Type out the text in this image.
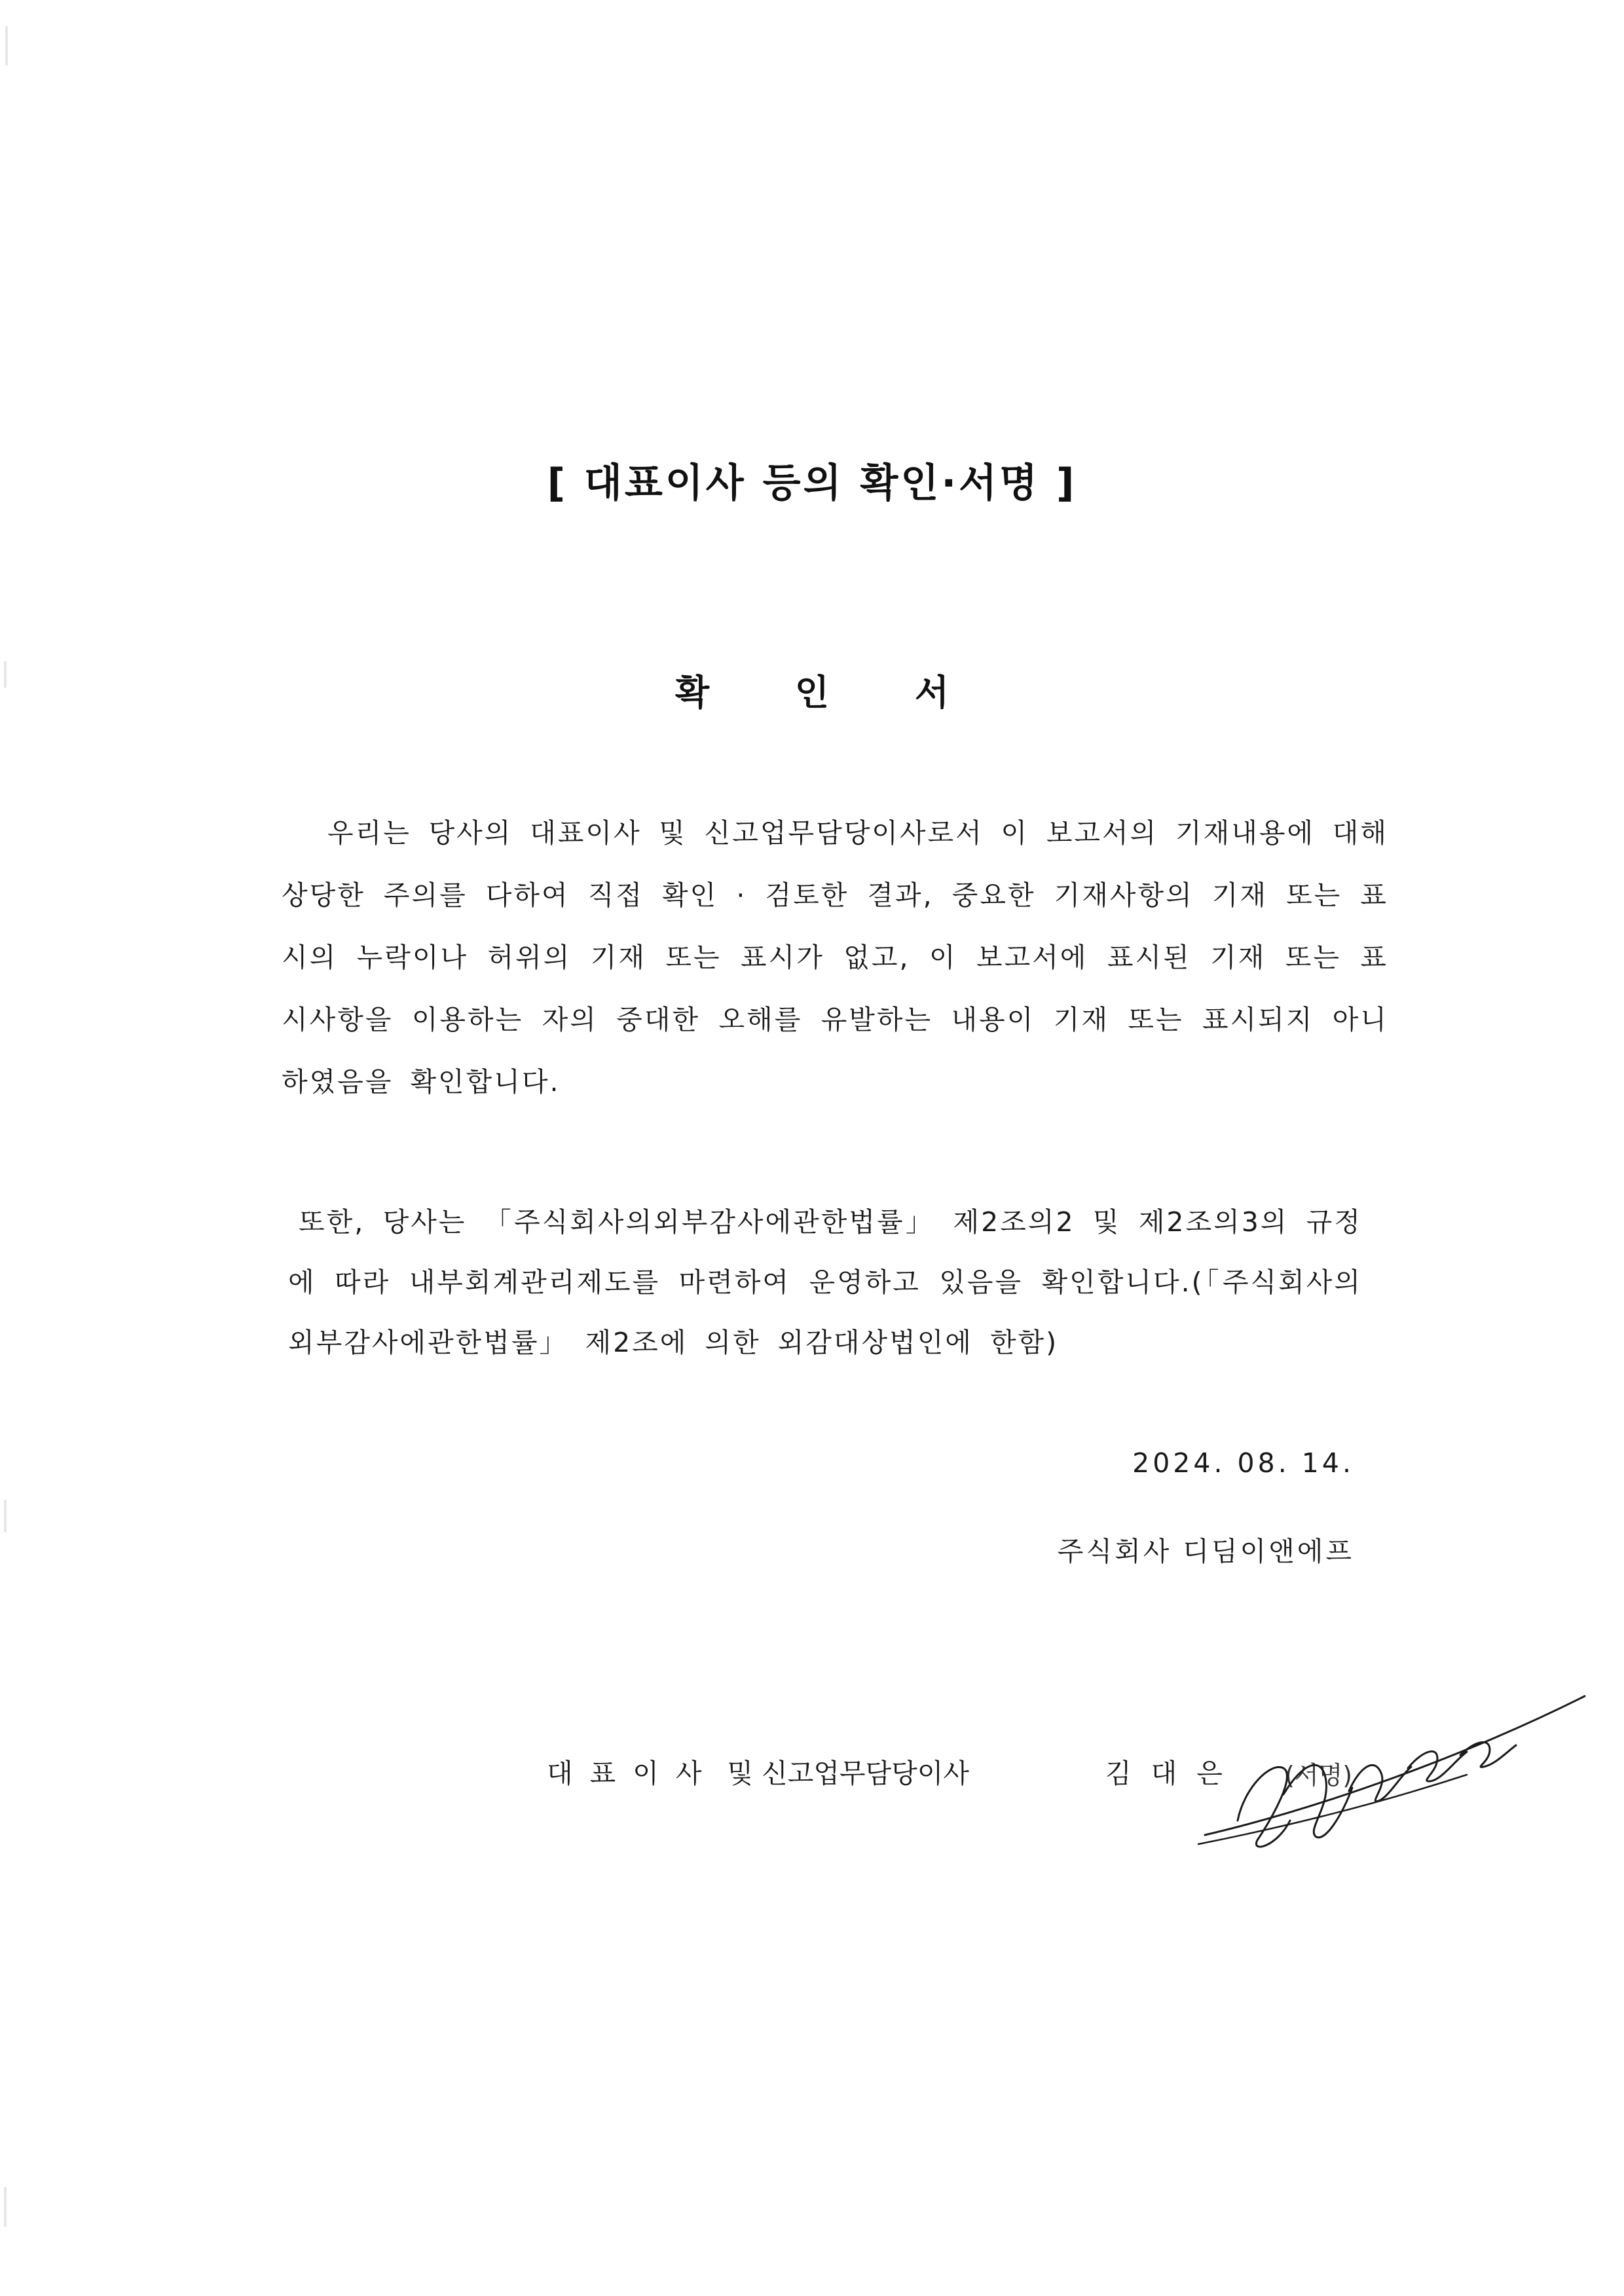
[ 대표이사 등의 확인·서명 ]
확 인 서

우리는 당사의 대표이사 및 신고업무담당이사로서 이 보고서의 기재내용에 대해 상당한 주의를 다하여 직접 확인 · 검토한 결과, 중요한 기재사항의 기재 또는 표시의 누락이나 허위의 기재 또는 표시가 없고, 이 보고서에 표시된 기재 또는 표시사항을 이용하는 자의 중대한 오해를 유발하는 내용이 기재 또는 표시되지 아니하였음을 확인합니다.

또한, 당사는 「주식회사의외부감사에관한법률」 제2조의2 및 제2조의3의 규정에 따라 내부회계관리제도를 마련하여 운영하고 있음을 확인합니다.(「주식회사의외부감사에관한법률」 제2조에 의한 외감대상법인에 한함)

2024. 08. 14.
주식회사 디딤이앤에프
대표이사 및 신고업무담당이사	김대은 (서명)
